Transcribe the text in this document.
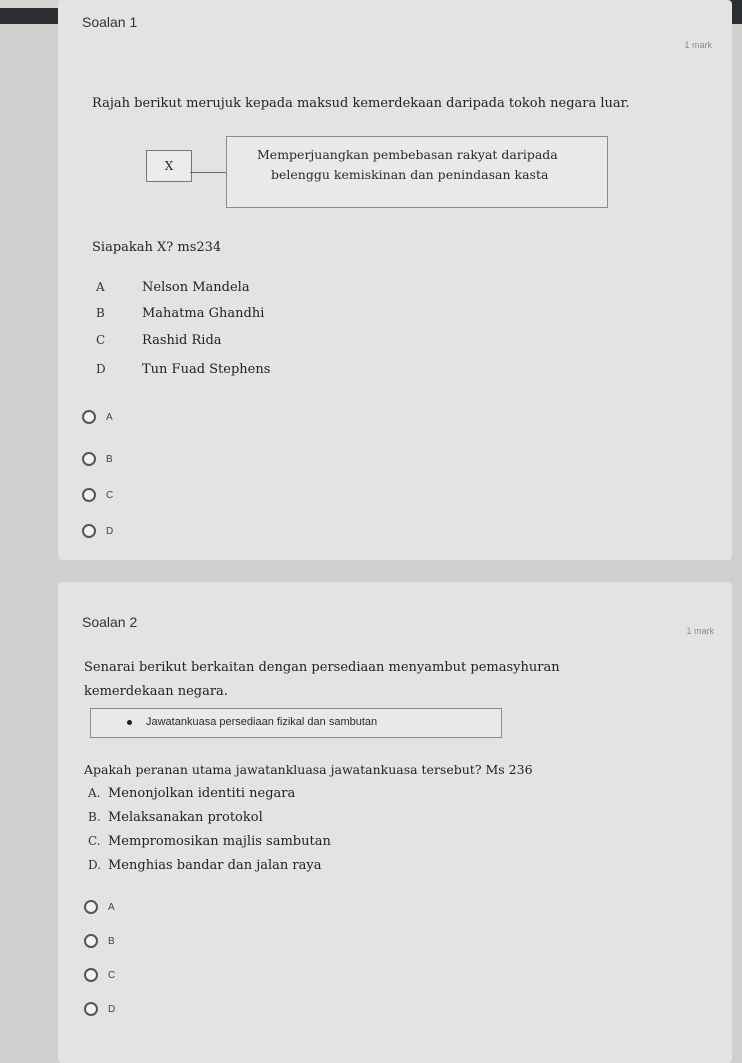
Soalan 1
1 mark
Rajah berikut merujuk kepada maksud kemerdekaan daripada tokoh negara luar.
X
Memperjuangkan pembebasan rakyat daripada
belenggu kemiskinan dan penindasan kasta
Siapakah X? ms234
A	Nelson Mandela
B	Mahatma Ghandhi
C	Rashid Rida
D	Tun Fuad Stephens
A
B
C
D
Soalan 2
1 mark
Senarai berikut berkaitan dengan persediaan menyambut pemasyhuran
kemerdekaan negara.
Jawatankuasa persediaan fizikal dan sambutan
Apakah peranan utama jawatankluasa jawatankuasa tersebut? Ms 236
A. Menonjolkan identiti negara
B. Melaksanakan protokol
C. Mempromosikan majlis sambutan
D. Menghias bandar dan jalan raya
A
B
C
D
